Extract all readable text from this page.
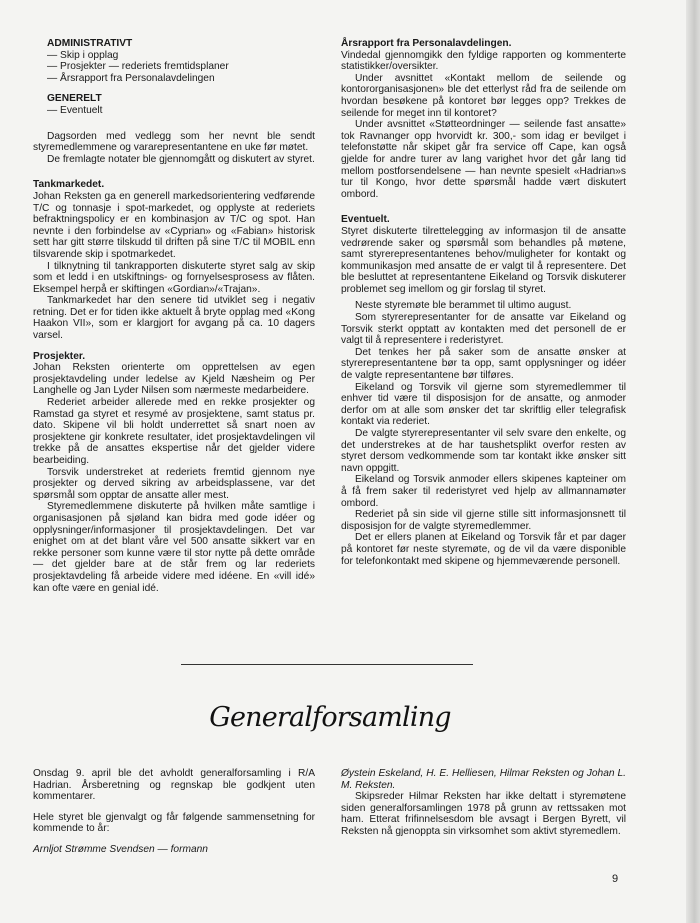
ADMINISTRATIVT

— Skip i opplag
— Prosjekter — rederiets fremtidsplaner
— Årsrapport fra Personalavdelingen

GENERELT

— Eventuelt

Dagsorden med vedlegg som her nevnt ble sendt styremedlemmene og vararepresentantene en uke før møtet.

De fremlagte notater ble gjennomgått og diskutert av styret.

Tankmarkedet.

Johan Reksten ga en generell markedsorientering vedførende T/C og tonnasje i spot-markedet, og opplyste at rederiets befraktningspolicy er en kombinasjon av T/C og spot. Han nevnte i den forbindelse av «Cyprian» og «Fabian» historisk sett har gitt større tilskudd til driften på sine T/C til MOBIL enn tilsvarende skip i spotmarkedet.

I tilknytning til tankrapporten diskuterte styret salg av skip som et ledd i en utskiftnings- og fornyelsesprosess av flåten. Eksempel herpå er skiftingen «Gordian»/«Trajan».

Tankmarkedet har den senere tid utviklet seg i negativ retning. Det er for tiden ikke aktuelt å bryte opplag med «Kong Haakon VII», som er klargjort for avgang på ca. 10 dagers varsel.

Prosjekter.

Johan Reksten orienterte om opprettelsen av egen prosjektavdeling under ledelse av Kjeld Næsheim og Per Langhelle og Jan Lyder Nilsen som nærmeste medarbeidere.

Rederiet arbeider allerede med en rekke prosjekter og Ramstad ga styret et resymé av prosjektene, samt status pr. dato. Skipene vil bli holdt underrettet så snart noen av prosjektene gir konkrete resultater, idet prosjektavdelingen vil trekke på de ansattes ekspertise når det gjelder videre bearbeiding.

Torsvik understreket at rederiets fremtid gjennom nye prosjekter og derved sikring av arbeidsplassene, var det spørsmål som opptar de ansatte aller mest.

Styremedlemmene diskuterte på hvilken måte samtlige i organisasjonen på sjøland kan bidra med gode idéer og opplysninger/informasjoner til prosjektavdelingen. Det var enighet om at det blant våre vel 500 ansatte sikkert var en rekke personer som kunne være til stor nytte på dette område — det gjelder bare at de står frem og lar rederiets prosjektavdeling få arbeide videre med idéene. En «vill idé» kan ofte være en genial idé.

Årsrapport fra Personalavdelingen.

Vindedal gjennomgikk den fyldige rapporten og kommenterte statistikker/oversikter.

Under avsnittet «Kontakt mellom de seilende og kontororganisasjonen» ble det etterlyst råd fra de seilende om hvordan besøkene på kontoret bør legges opp? Trekkes de seilende for meget inn til kontoret?

Under avsnittet «Støtteordninger — seilende fast ansatte» tok Ravnanger opp hvorvidt kr. 300,- som idag er bevilget i telefonstøtte når skipet går fra service off Cape, kan også gjelde for andre turer av lang varighet hvor det går lang tid mellom postforsendelsene — han nevnte spesielt «Hadrian»s tur til Kongo, hvor dette spørsmål hadde vært diskutert ombord.

Eventuelt.

Styret diskuterte tilrettelegging av informasjon til de ansatte vedrørende saker og spørsmål som behandles på møtene, samt styrerepresentantenes behov/muligheter for kontakt og kommunikasjon med ansatte de er valgt til å representere. Det ble besluttet at representantene Eikeland og Torsvik diskuterer problemet seg imellom og gir forslag til styret.

Neste styremøte ble berammet til ultimo august.

Som styrerepresentanter for de ansatte var Eikeland og Torsvik sterkt opptatt av kontakten med det personell de er valgt til å representere i rederistyret.

Det tenkes her på saker som de ansatte ønsker at styrerepresentantene bør ta opp, samt opplysninger og idéer de valgte representantene bør tilføres.

Eikeland og Torsvik vil gjerne som styremedlemmer til enhver tid være til disposisjon for de ansatte, og anmoder derfor om at alle som ønsker det tar skriftlig eller telegrafisk kontakt via rederiet.

De valgte styrerepresentanter vil selv svare den enkelte, og det understrekes at de har taushetsplikt overfor resten av styret dersom vedkommende som tar kontakt ikke ønsker sitt navn oppgitt.

Eikeland og Torsvik anmoder ellers skipenes kapteiner om å få frem saker til rederistyret ved hjelp av allmannamøter ombord.

Rederiet på sin side vil gjerne stille sitt informasjonsnett til disposisjon for de valgte styremedlemmer.

Det er ellers planen at Eikeland og Torsvik får et par dager på kontoret før neste styremøte, og de vil da være disponible for telefonkontakt med skipene og hjemmeværende personell.

Generalforsamling

Onsdag 9. april ble det avholdt generalforsamling i R/A Hadrian. Årsberetning og regnskap ble godkjent uten kommentarer.

Hele styret ble gjenvalgt og får følgende sammensetning for kommende to år:

Arnljot Strømme Svendsen — formann

Øystein Eskeland, H. E. Helliesen, Hilmar Reksten og Johan L. M. Reksten.

Skipsreder Hilmar Reksten har ikke deltatt i styremøtene siden generalforsamlingen 1978 på grunn av rettssaken mot ham. Etterat frifinnelsesdom ble avsagt i Bergen Byrett, vil Reksten nå gjenoppta sin virksomhet som aktivt styremedlem.

9
